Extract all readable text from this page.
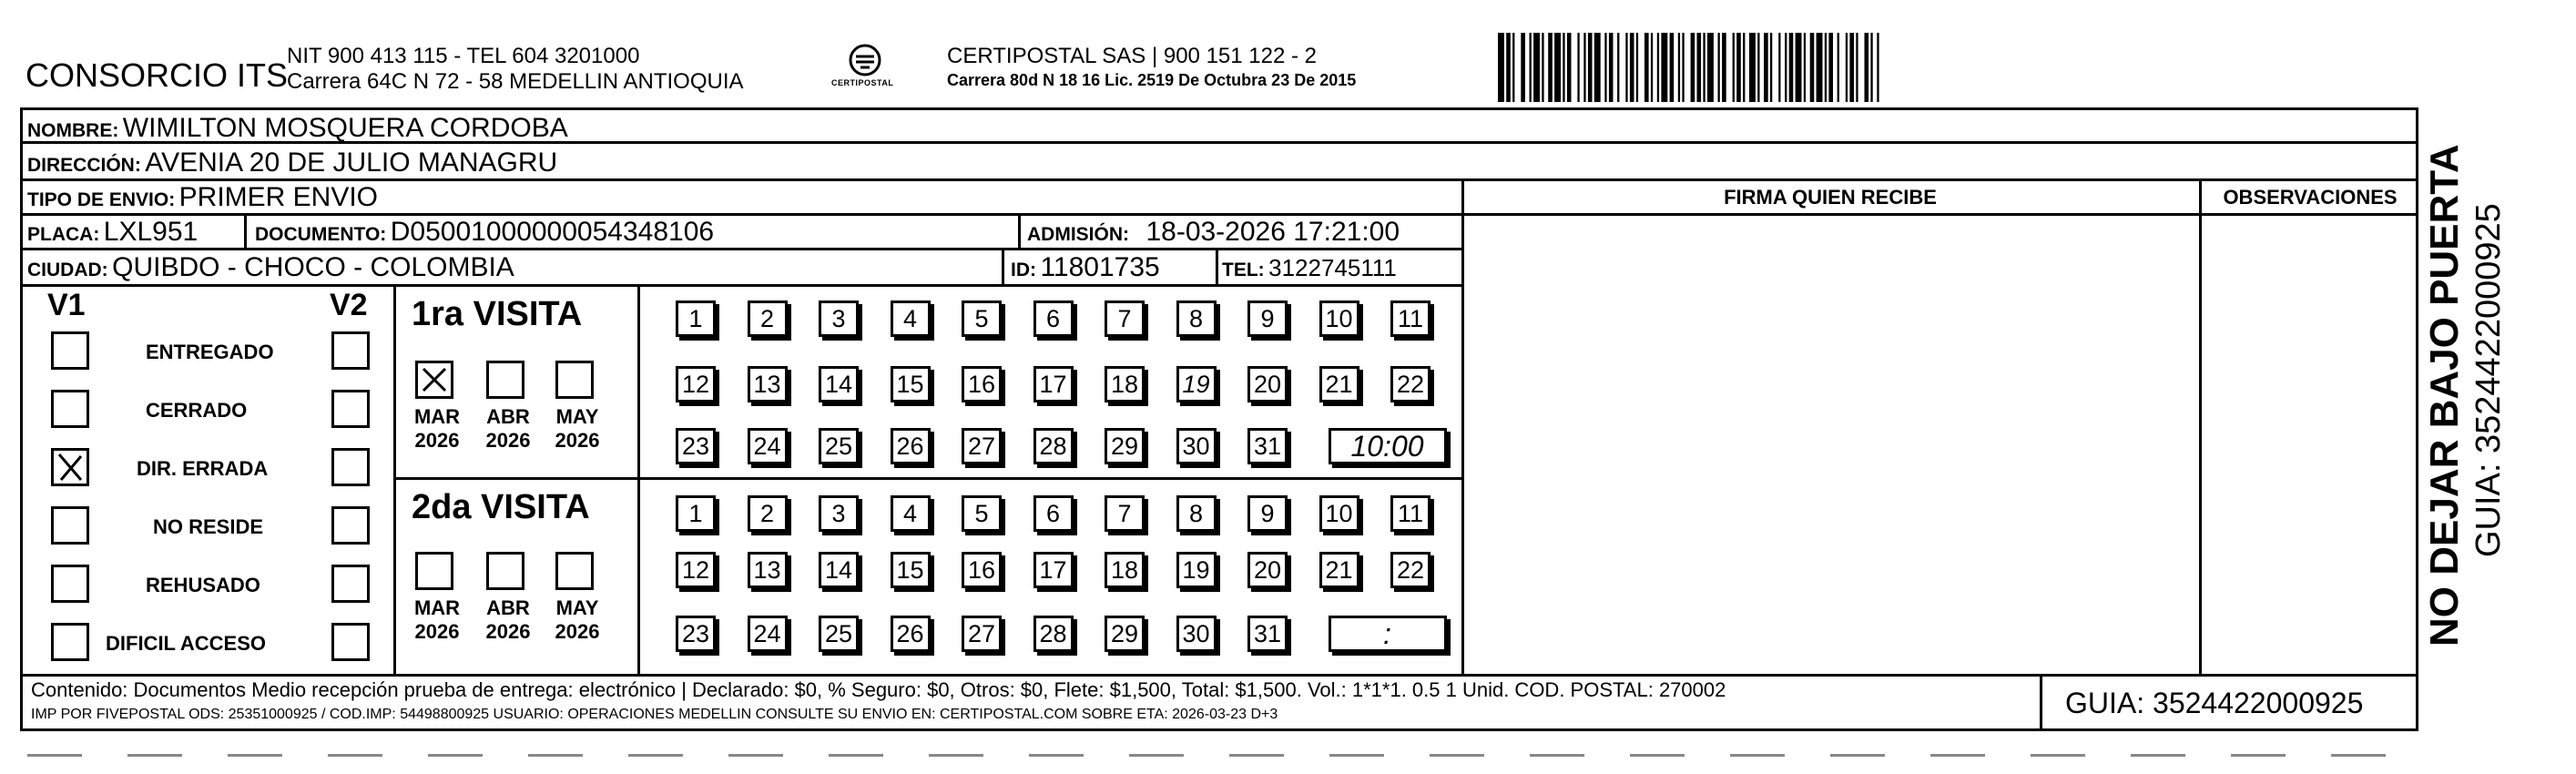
CONSORCIO ITS
NIT 900 413 115 - TEL 604 3201000
Carrera 64C N 72 - 58 MEDELLIN ANTIOQUIA	CERTIPOSTAL
CERTIPOSTAL SAS | 900 151 122 - 2
Carrera 80d N 18 16 Lic. 2519 De Octubra 23 De 2015
NOMBRE: WIMILTON MOSQUERA CORDOBA
DIRECCIÓN: AVENIA 20 DE JULIO MANAGRU
TIPO DE ENVIO: PRIMER ENVIO
PLACA: LXL951	DOCUMENTO: D05001000000054348106	ADMISIÓN: 18-03-2026 17:21:00
CIUDAD: QUIBDO - CHOCO - COLOMBIA	ID: 11801735	TEL: 3122745111
FIRMA QUIEN RECIBE	OBSERVACIONES
V1	V2
ENTREGADO
CERRADO
DIR. ERRADA
NO RESIDE
REHUSADO
DIFICIL ACCESO
1ra VISITA
MAR
2026
ABR
2026
MAY
2026
2da VISITA
MAR
2026
ABR
2026
MAY
2026
1	2	3	4	5	6	7	8	9	10 11
12 13 14 15 16 17 18 19 20 21 22
23 24 25 26 27 28 29 30 31	10:00
1	2	3	4	5	6	7	8	9	10 11
12 13 14 15 16 17 18 19 20 21 22
23 24 25 26 27 28 29 30 31	:
Contenido: Documentos Medio recepción prueba de entrega: electrónico | Declarado: $0, % Seguro: $0, Otros: $0, Flete: $1,500, Total: $1,500. Vol.: 1*1*1. 0.5 1 Unid. COD. POSTAL: 270002
IMP POR FIVEPOSTAL ODS: 25351000925 / COD.IMP: 54498800925 USUARIO: OPERACIONES MEDELLIN CONSULTE SU ENVIO EN: CERTIPOSTAL.COM SOBRE ETA: 2026-03-23 D+3	GUIA: 3524422000925
NO DEJAR BAJO PUERTA GUIA: 3524422000925
